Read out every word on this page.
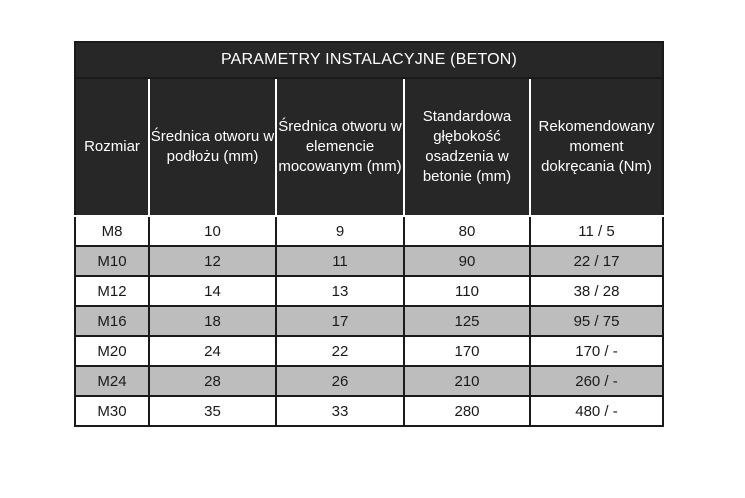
PARAMETRY INSTALACYJNE (BETON)				
Rozmiar	Średnica otworu w podłożu (mm)	Średnica otworu w elemencie mocowanym (mm)	Standardowa głębokość osadzenia w betonie (mm)	Rekomendowany moment dokręcania (Nm)
M8	10	9	80	11 / 5
M10	12	11	90	22 / 17
M12	14	13	110	38 / 28
M16	18	17	125	95 / 75
M20	24	22	170	170 / -
M24	28	26	210	260 / -
M30	35	33	280	480 / -
